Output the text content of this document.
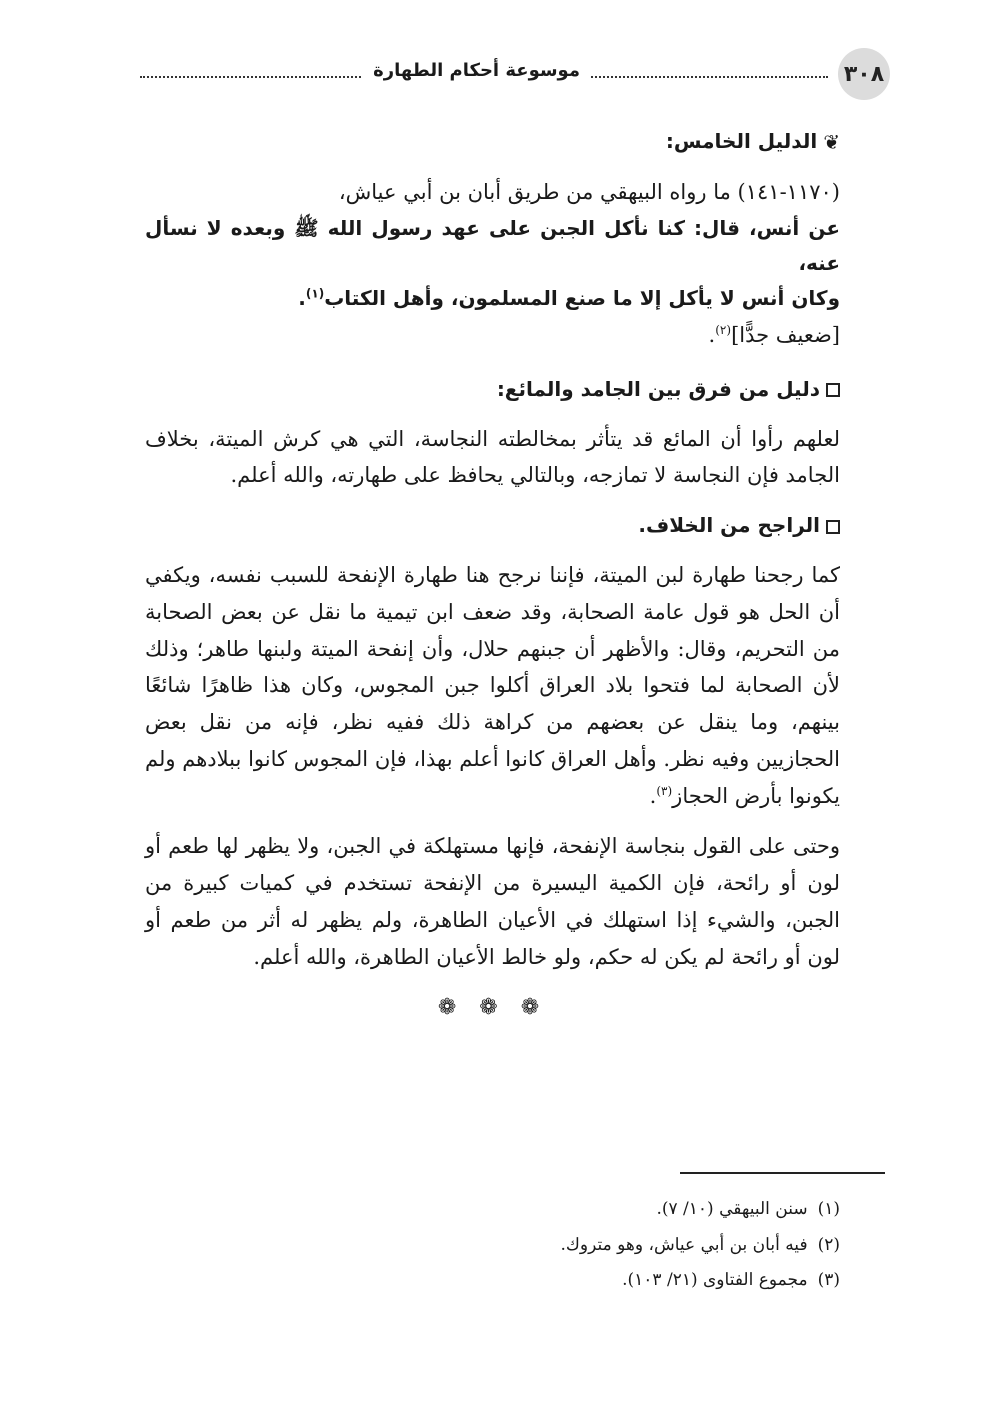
موسوعة أحكام الطهارة	٣٠٨

❦الدليل الخامس:

(١١٧٠-١٤١) ما رواه البيهقي من طريق أبان بن أبي عياش،

عن أنس، قال: كنا نأكل الجبن على عهد رسول الله ﷺ وبعده لا نسأل عنه،

وكان أنس لا يأكل إلا ما صنع المسلمون، وأهل الكتاب$^{(١)}$.

[ضعيف جدًّا]$^{(٢)}$.

دليل من فرق بين الجامد والمائع:

لعلهم رأوا أن المائع قد يتأثر بمخالطته النجاسة، التي هي كرش الميتة، بخلاف الجامد فإن النجاسة لا تمازجه، وبالتالي يحافظ على طهارته، والله أعلم.

الراجح من الخلاف.

كما رجحنا طهارة لبن الميتة، فإننا نرجح هنا طهارة الإنفحة للسبب نفسه، ويكفي أن الحل هو قول عامة الصحابة، وقد ضعف ابن تيمية ما نقل عن بعض الصحابة من التحريم، وقال: والأظهر أن جبنهم حلال، وأن إنفحة الميتة ولبنها طاهر؛ وذلك لأن الصحابة لما فتحوا بلاد العراق أكلوا جبن المجوس، وكان هذا ظاهرًا شائعًا بينهم، وما ينقل عن بعضهم من كراهة ذلك ففيه نظر، فإنه من نقل بعض الحجازيين وفيه نظر. وأهل العراق كانوا أعلم بهذا، فإن المجوس كانوا ببلادهم ولم يكونوا بأرض الحجاز$^{(٣)}$.

وحتى على القول بنجاسة الإنفحة، فإنها مستهلكة في الجبن، ولا يظهر لها طعم أو لون أو رائحة، فإن الكمية اليسيرة من الإنفحة تستخدم في كميات كبيرة من الجبن، والشيء إذا استهلك في الأعيان الطاهرة، ولم يظهر له أثر من طعم أو لون أو رائحة لم يكن له حكم، ولو خالط الأعيان الطاهرة، والله أعلم.

❁ ❁ ❁

(١)سنن البيهقي (١٠/ ٧).

(٢)فيه أبان بن أبي عياش، وهو متروك.

(٣)مجموع الفتاوى (٢١/ ١٠٣).
